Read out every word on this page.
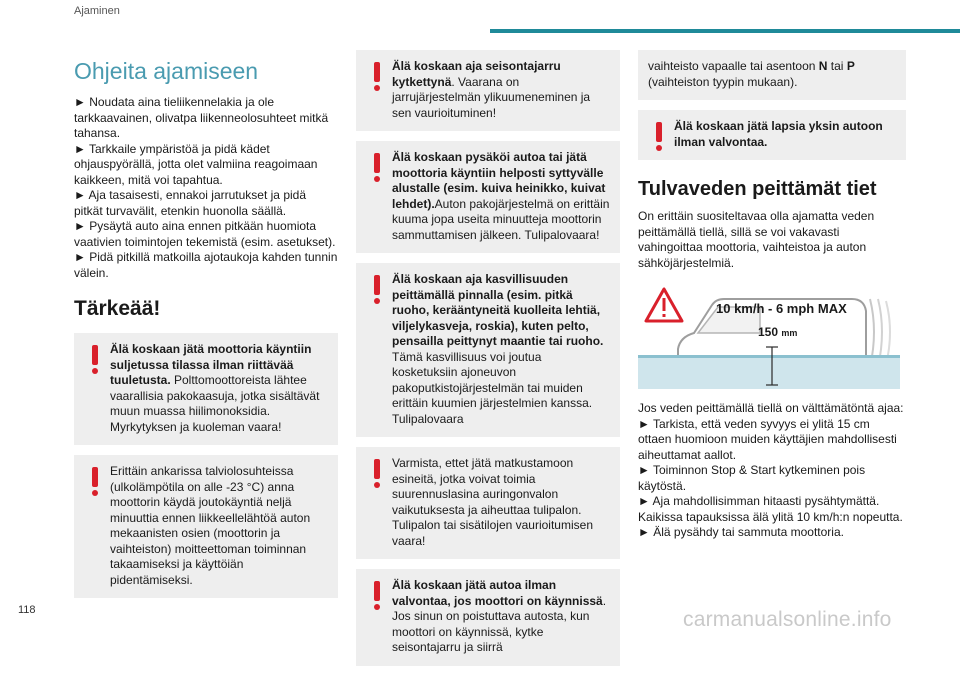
Ajaminen
Ohjeita ajamiseen

► Noudata aina tieliikennelakia ja ole tarkkaavainen, olivatpa liikenneolosuhteet mitkä tahansa.

► Tarkkaile ympäristöä ja pidä kädet ohjauspyörällä, jotta olet valmiina reagoimaan kaikkeen, mitä voi tapahtua.

► Aja tasaisesti, ennakoi jarrutukset ja pidä pitkät turvavälit, etenkin huonolla säällä.

► Pysäytä auto aina ennen pitkään huomiota vaativien toimintojen tekemistä (esim. asetukset).

► Pidä pitkillä matkoilla ajotaukoja kahden tunnin välein.

Tärkeää!
Älä koskaan jätä moottoria käyntiin suljetussa tilassa ilman riittävää tuuletusta. Polttomoottoreista lähtee vaarallisia pakokaasuja, jotka sisältävät muun muassa hiilimonoksidia. Myrkytyksen ja kuoleman vaara!
Erittäin ankarissa talviolosuhteissa (ulkolämpötila on alle -23 °C) anna moottorin käydä joutokäyntiä neljä minuuttia ennen liikkeellelähtöä auton mekaanisten osien (moottorin ja vaihteiston) moitteettoman toiminnan takaamiseksi ja käyttöiän pidentämiseksi.
Älä koskaan aja seisontajarru kytkettynä. Vaarana on jarrujärjestelmän ylikuumeneminen ja sen vaurioituminen!
Älä koskaan pysäköi autoa tai jätä moottoria käyntiin helposti syttyvälle alustalle (esim. kuiva heinikko, kuivat lehdet).Auton pakojärjestelmä on erittäin kuuma jopa useita minuutteja moottorin sammuttamisen jälkeen. Tulipalovaara!
Älä koskaan aja kasvillisuuden peittämällä pinnalla (esim. pitkä ruoho, kerääntyneitä kuolleita lehtiä, viljelykasveja, roskia), kuten pelto, pensailla peittynyt maantie tai ruoho. Tämä kasvillisuus voi joutua kosketuksiin ajoneuvon pakoputkistojärjestelmän tai muiden erittäin kuumien järjestelmien kanssa. Tulipalovaara
Varmista, ettet jätä matkustamoon esineitä, jotka voivat toimia suurennuslasina auringonvalon vaikutuksesta ja aiheuttaa tulipalon. Tulipalon tai sisätilojen vaurioitumisen vaara!
Älä koskaan jätä autoa ilman valvontaa, jos moottori on käynnissä. Jos sinun on poistuttava autosta, kun moottori on käynnissä, kytke seisontajarru ja siirrä
vaihteisto vapaalle tai asentoon N tai P (vaihteiston tyypin mukaan).
Älä koskaan jätä lapsia yksin autoon ilman valvontaa.
Tulvaveden peittämät tiet

On erittäin suositeltavaa olla ajamatta veden peittämällä tiellä, sillä se voi vakavasti vahingoittaa moottoria, vaihteistoa ja auton sähköjärjestelmiä.

10 km/h - 6 mph MAX
150 mm

Jos veden peittämällä tiellä on välttämätöntä ajaa:

► Tarkista, että veden syvyys ei ylitä 15 cm ottaen huomioon muiden käyttäjien mahdollisesti aiheuttamat aallot.

► Toiminnon Stop & Start kytkeminen pois käytöstä.

► Aja mahdollisimman hitaasti pysähtymättä. Kaikissa tapauksissa älä ylitä 10 km/h:n nopeutta.

► Älä pysähdy tai sammuta moottoria.

118	carmanualsonline.info
